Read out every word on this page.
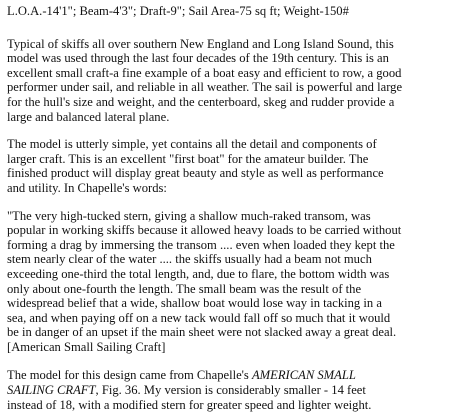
L.O.A.-14'1"; Beam-4'3"; Draft-9"; Sail Area-75 sq ft; Weight-150#
Typical of skiffs all over southern New England and Long Island Sound, this
model was used through the last four decades of the 19th century. This is an
excellent small craft-a fine example of a boat easy and efficient to row, a good
performer under sail, and reliable in all weather. The sail is powerful and large
for the hull's size and weight, and the centerboard, skeg and rudder provide a
large and balanced lateral plane.
The model is utterly simple, yet contains all the detail and components of
larger craft. This is an excellent "first boat" for the amateur builder. The
finished product will display great beauty and style as well as performance
and utility. In Chapelle's words:
"The very high-tucked stern, giving a shallow much-raked transom, was
popular in working skiffs because it allowed heavy loads to be carried without
forming a drag by immersing the transom .... even when loaded they kept the
stem nearly clear of the water .... the skiffs usually had a beam not much
exceeding one-third the total length, and, due to flare, the bottom width was
only about one-fourth the length. The small beam was the result of the
widespread belief that a wide, shallow boat would lose way in tacking in a
sea, and when paying off on a new tack would fall off so much that it would
be in danger of an upset if the main sheet were not slacked away a great deal.
[American Small Sailing Craft]
The model for this design came from Chapelle's AMERICAN SMALL
SAILING CRAFT, Fig. 36. My version is considerably smaller - 14 feet
instead of 18, with a modified stern for greater speed and lighter weight.
